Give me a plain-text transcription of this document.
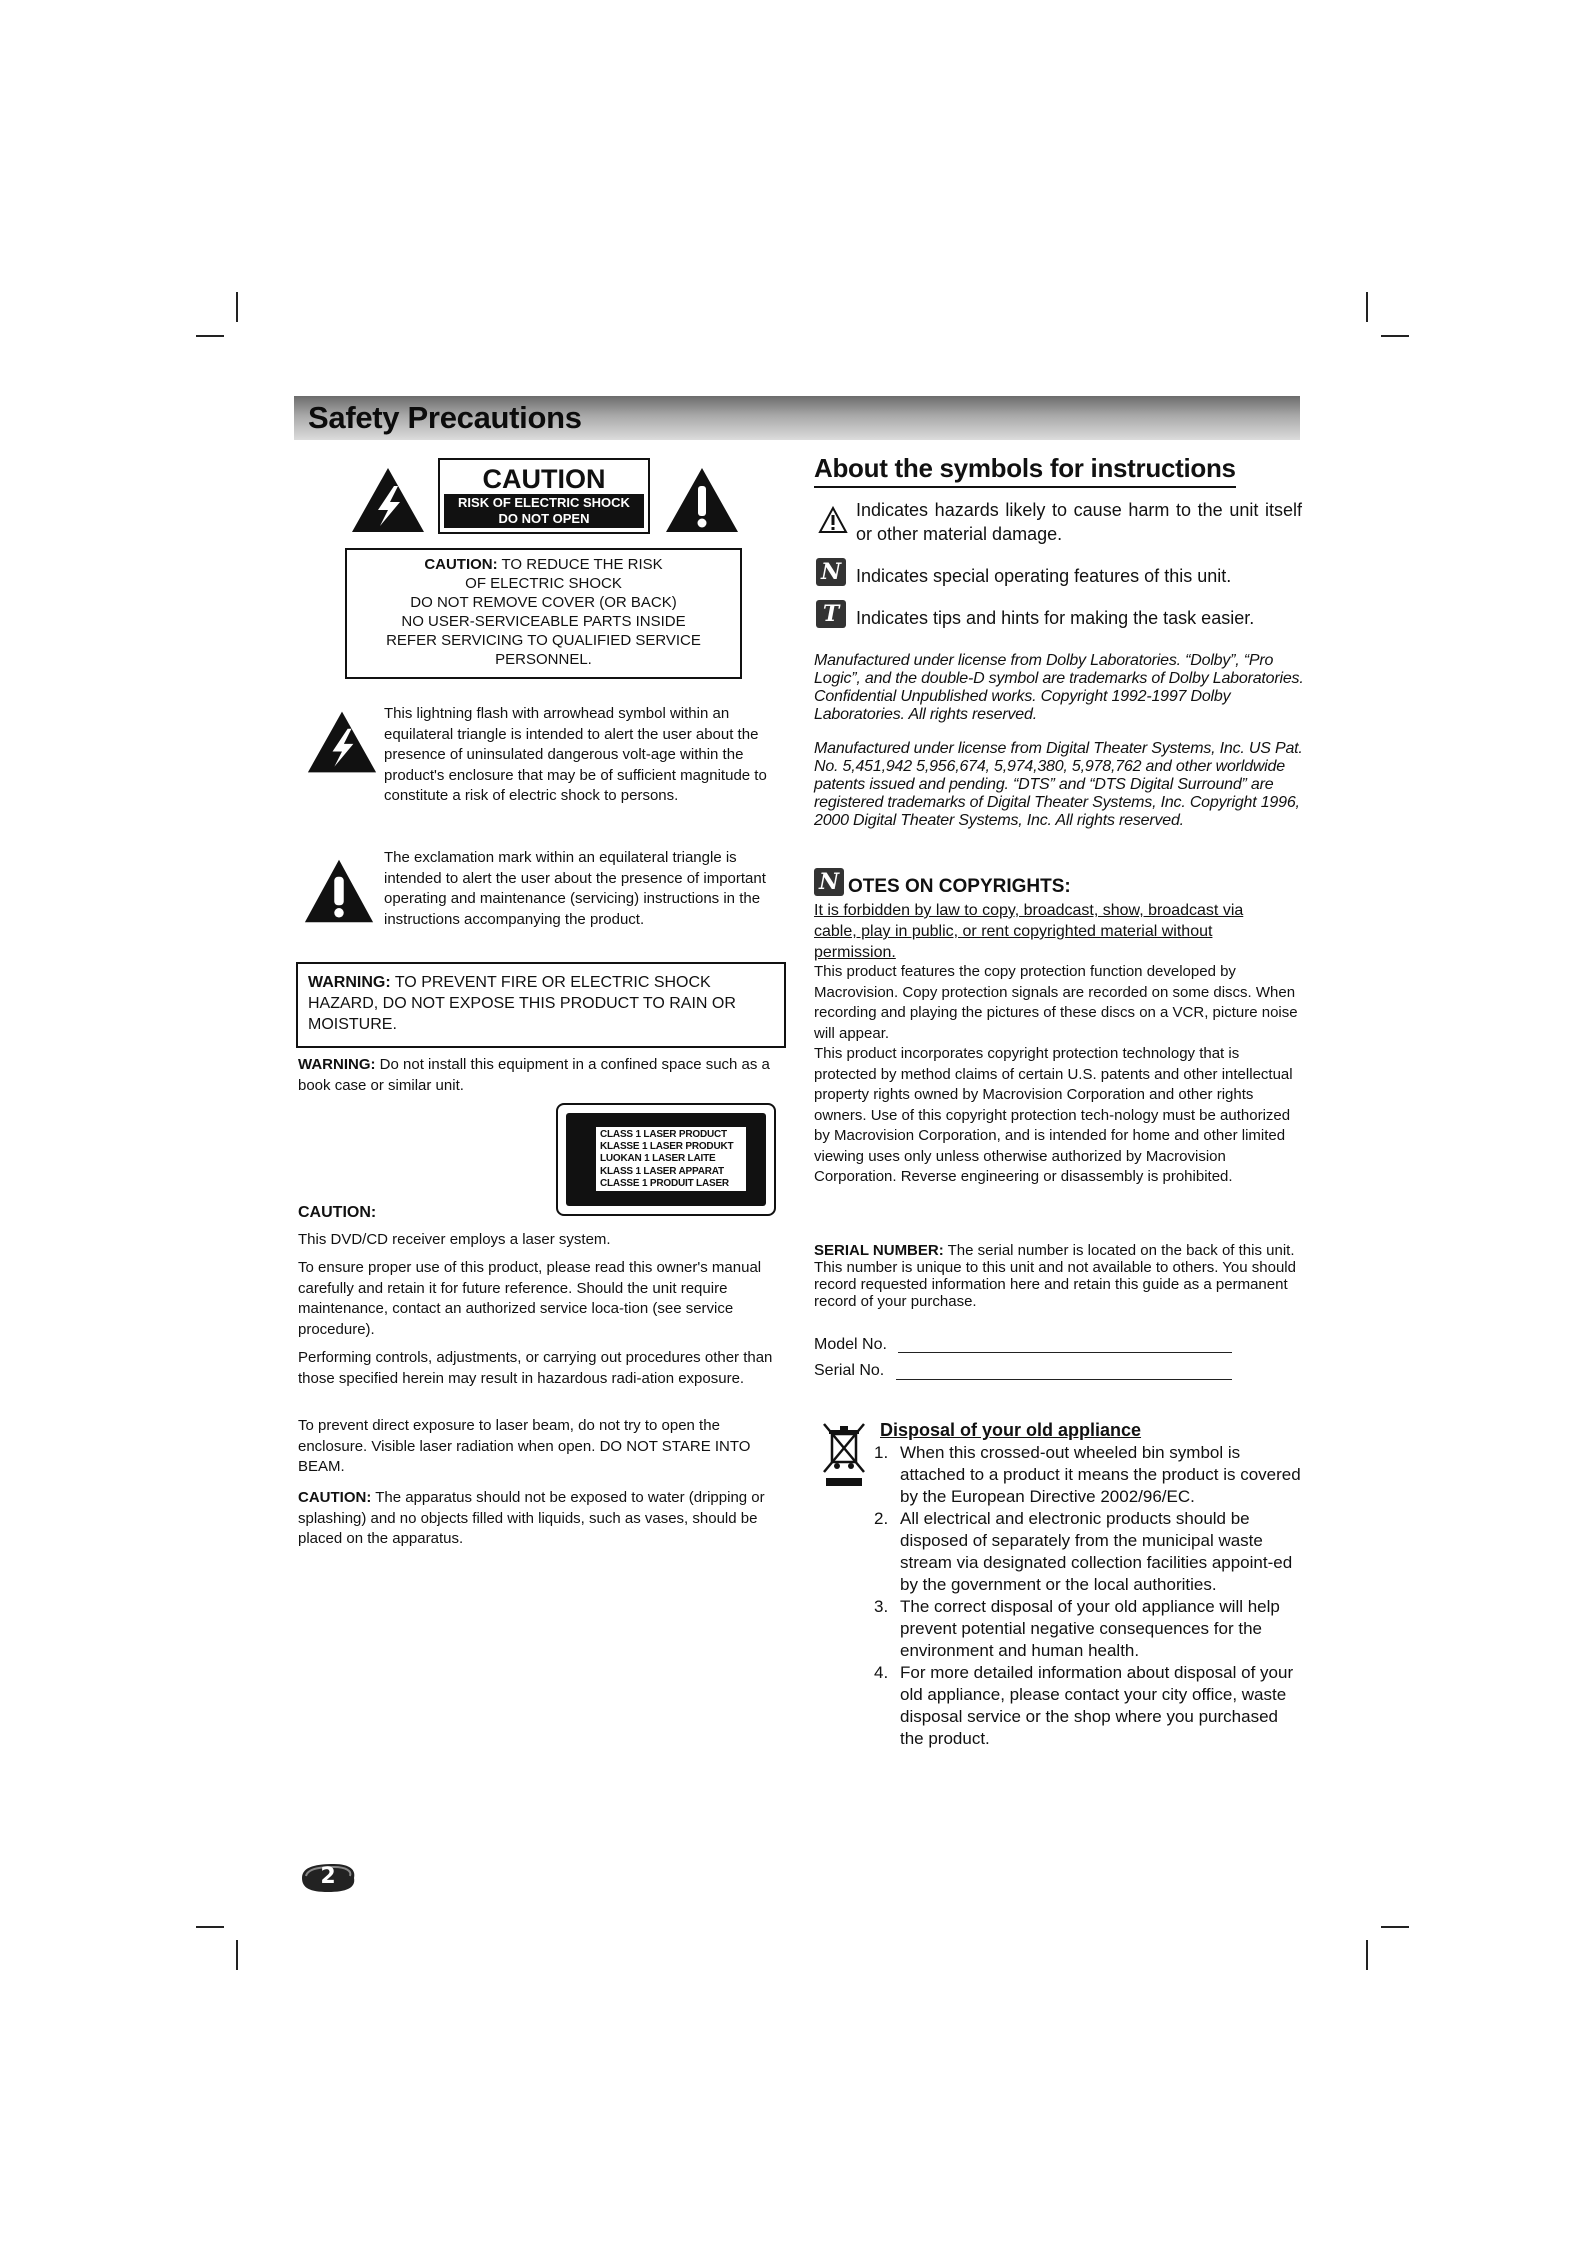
Safety Precautions
CAUTION
RISK OF ELECTRIC SHOCK
DO NOT OPEN
CAUTION: TO REDUCE THE RISK
OF ELECTRIC SHOCK
DO NOT REMOVE COVER (OR BACK)
NO USER-SERVICEABLE PARTS INSIDE
REFER SERVICING TO QUALIFIED SERVICE
PERSONNEL.
This lightning flash with arrowhead symbol within an equilateral triangle is intended to alert the user about the presence of uninsulated dangerous volt-age within the product's enclosure that may be of sufficient magnitude to constitute a risk of electric shock to persons.
The exclamation mark within an equilateral triangle is intended to alert the user about the presence of important operating and maintenance (servicing) instructions in the instructions accompanying the product.
WARNING: TO PREVENT FIRE OR ELECTRIC SHOCK HAZARD, DO NOT EXPOSE THIS PRODUCT TO RAIN OR MOISTURE.
WARNING: Do not install this equipment in a confined space such as a book case or similar unit.
CLASS 1 LASER PRODUCT
KLASSE 1 LASER PRODUKT
LUOKAN 1 LASER LAITE
KLASS 1 LASER APPARAT
CLASSE 1 PRODUIT LASER
CAUTION:
This DVD/CD receiver employs a laser system.
To ensure proper use of this product, please read this owner's manual carefully and retain it for future reference. Should the unit require maintenance, contact an authorized service loca-tion (see service procedure).
Performing controls, adjustments, or carrying out procedures other than those specified herein may result in hazardous radi-ation exposure.
To prevent direct exposure to laser beam, do not try to open the enclosure. Visible laser radiation when open. DO NOT STARE INTO BEAM.
CAUTION: The apparatus should not be exposed to water (dripping or splashing) and no objects filled with liquids, such as vases, should be placed on the apparatus.
About the symbols for instructions
Indicates hazards likely to cause harm to the unit itself or other material damage.
N Indicates special operating features of this unit.
T Indicates tips and hints for making the task easier.
Manufactured under license from Dolby Laboratories. “Dolby”, “Pro Logic”, and the double-D symbol are trademarks of Dolby Laboratories. Confidential Unpublished works. Copyright 1992-1997 Dolby Laboratories. All rights reserved.
Manufactured under license from Digital Theater Systems, Inc. US Pat. No. 5,451,942 5,956,674, 5,974,380, 5,978,762 and other worldwide patents issued and pending. “DTS” and “DTS Digital Surround” are registered trademarks of Digital Theater Systems, Inc. Copyright 1996, 2000 Digital Theater Systems, Inc. All rights reserved.
N OTES ON COPYRIGHTS:
It is forbidden by law to copy, broadcast, show, broadcast via cable, play in public, or rent copyrighted material without permission.
This product features the copy protection function developed by Macrovision. Copy protection signals are recorded on some discs. When recording and playing the pictures of these discs on a VCR, picture noise will appear.
This product incorporates copyright protection technology that is protected by method claims of certain U.S. patents and other intellectual property rights owned by Macrovision Corporation and other rights owners. Use of this copyright protection tech-nology must be authorized by Macrovision Corporation, and is intended for home and other limited viewing uses only unless otherwise authorized by Macrovision Corporation. Reverse engineering or disassembly is prohibited.
SERIAL NUMBER: The serial number is located on the back of this unit. This number is unique to this unit and not available to others. You should record requested information here and retain this guide as a permanent record of your purchase.
Model No.
Serial No.
Disposal of your old appliance
1. When this crossed-out wheeled bin symbol is attached to a product it means the product is covered by the European Directive 2002/96/EC.
2. All electrical and electronic products should be disposed of separately from the municipal waste stream via designated collection facilities appoint-ed by the government or the local authorities.
3. The correct disposal of your old appliance will help prevent potential negative consequences for the environment and human health.
4. For more detailed information about disposal of your old appliance, please contact your city office, waste disposal service or the shop where you purchased the product.
2
